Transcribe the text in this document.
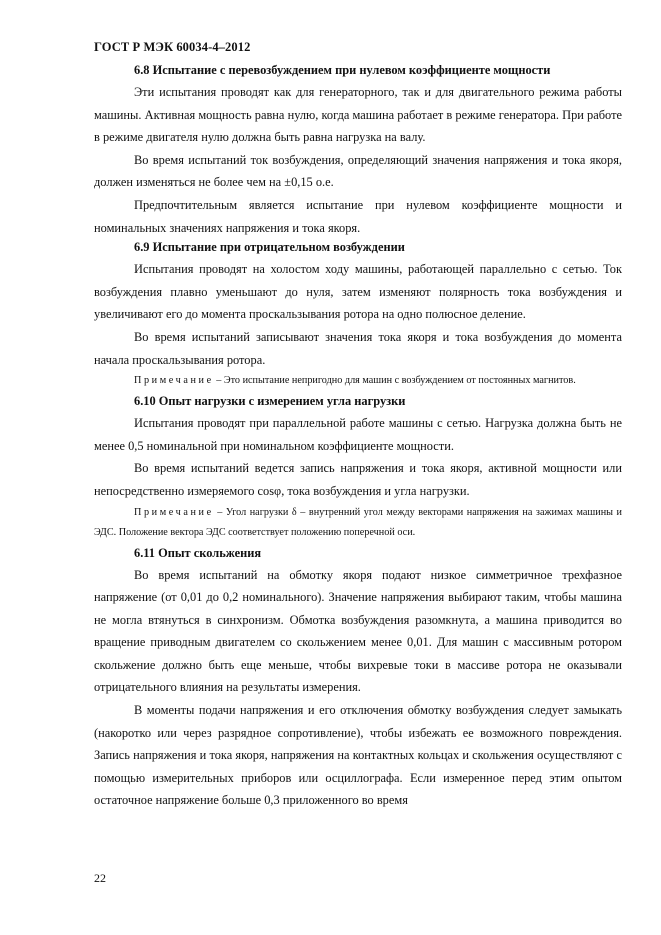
ГОСТ Р МЭК 60034-4–2012
6.8 Испытание с перевозбуждением при нулевом коэффициенте мощности

Эти испытания проводят как для генераторного, так и для двигательного режима работы машины. Активная мощность равна нулю, когда машина работает в режиме генератора. При работе в режиме двигателя нулю должна быть равна нагрузка на валу.

Во время испытаний ток возбуждения, определяющий значения напряжения и тока якоря, должен изменяться не более чем на ±0,15 о.е.

Предпочтительным является испытание при нулевом коэффициенте мощности и номинальных значениях напряжения и тока якоря.

6.9 Испытание при отрицательном возбуждении

Испытания проводят на холостом ходу машины, работающей параллельно с сетью. Ток возбуждения плавно уменьшают до нуля, затем изменяют полярность тока возбуждения и увеличивают его до момента проскальзывания ротора на одно полюсное деление.

Во время испытаний записывают значения тока якоря и тока возбуждения до момента начала проскальзывания ротора.

Примечание – Это испытание непригодно для машин с возбуждением от постоянных магнитов.

6.10 Опыт нагрузки с измерением угла нагрузки

Испытания проводят при параллельной работе машины с сетью. Нагрузка должна быть не менее 0,5 номинальной при номинальном коэффициенте мощности.

Во время испытаний ведется запись напряжения и тока якоря, активной мощности или непосредственно измеряемого cosφ, тока возбуждения и угла нагрузки.

Примечание – Угол нагрузки δ – внутренний угол между векторами напряжения на зажимах машины и ЭДС. Положение вектора ЭДС соответствует положению поперечной оси.

6.11 Опыт скольжения

Во время испытаний на обмотку якоря подают низкое симметричное трехфазное напряжение (от 0,01 до 0,2 номинального). Значение напряжения выбирают таким, чтобы машина не могла втянуться в синхронизм. Обмотка возбуждения разомкнута, а машина приводится во вращение приводным двигателем со скольжением менее 0,01. Для машин с массивным ротором скольжение должно быть еще меньше, чтобы вихревые токи в массиве ротора не оказывали отрицательного влияния на результаты измерения.

В моменты подачи напряжения и его отключения обмотку возбуждения следует замыкать (накоротко или через разрядное сопротивление), чтобы избежать ее возможного повреждения. Запись напряжения и тока якоря, напряжения на контактных кольцах и скольжения осуществляют с помощью измерительных приборов или осциллографа. Если измеренное перед этим опытом остаточное напряжение больше 0,3 приложенного во время

22
